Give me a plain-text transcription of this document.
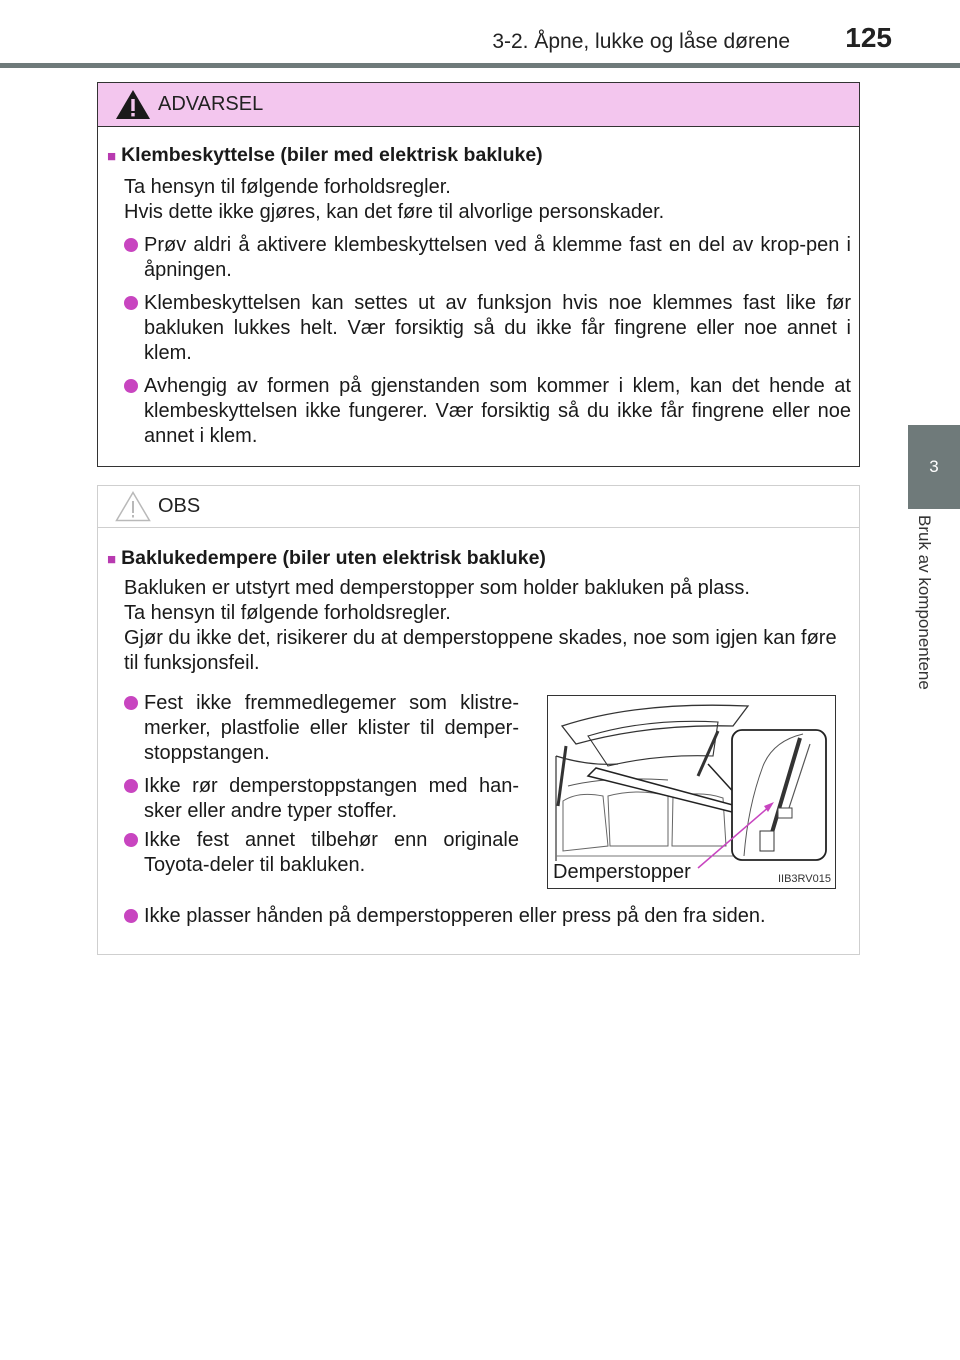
3-2. Åpne, lukke og låse dørene 125
3
Bruk av komponentene
ADVARSEL
■ Klembeskyttelse (biler med elektrisk bakluke)
Ta hensyn til følgende forholdsregler.
Hvis dette ikke gjøres, kan det føre til alvorlige personskader.
Prøv aldri å aktivere klembeskyttelsen ved å klemme fast en del av krop-pen i åpningen.
Klembeskyttelsen kan settes ut av funksjon hvis noe klemmes fast like før bakluken lukkes helt. Vær forsiktig så du ikke får fingrene eller noe annet i klem.
Avhengig av formen på gjenstanden som kommer i klem, kan det hende at klembeskyttelsen ikke fungerer. Vær forsiktig så du ikke får fingrene eller noe annet i klem.
OBS
■ Baklukedempere (biler uten elektrisk bakluke)
Bakluken er utstyrt med demperstopper som holder bakluken på plass.
Ta hensyn til følgende forholdsregler.
Gjør du ikke det, risikerer du at demperstoppene skades, noe som igjen kan føre til funksjonsfeil.
Fest ikke fremmedlegemer som klistre-merker, plastfolie eller klister til demper-stoppstangen.
Ikke rør demperstoppstangen med han-sker eller andre typer stoffer.
Ikke fest annet tilbehør enn originale Toyota-deler til bakluken.
Ikke plasser hånden på demperstopperen eller press på den fra siden.
Demperstopper	IIB3RV015
